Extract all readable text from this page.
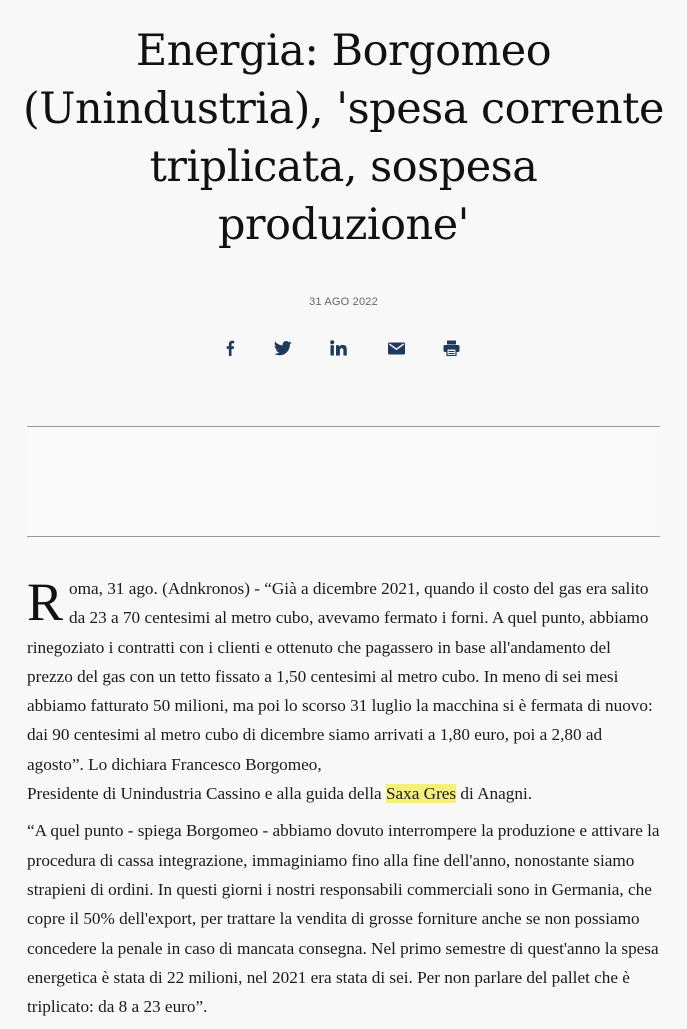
Energia: Borgomeo (Unindustria), 'spesa corrente triplicata, sospesa produzione'
31 AGO 2022

Roma, 31 ago. (Adnkronos) - “Già a dicembre 2021, quando il costo del gas era salito da 23 a 70 centesimi al metro cubo, avevamo fermato i forni. A quel punto, abbiamo rinegoziato i contratti con i clienti e ottenuto che pagassero in base all'andamento del prezzo del gas con un tetto fissato a 1,50 centesimi al metro cubo. In meno di sei mesi abbiamo fatturato 50 milioni, ma poi lo scorso 31 luglio la macchina si è fermata di nuovo: dai 90 centesimi al metro cubo di dicembre siamo arrivati a 1,80 euro, poi a 2,80 ad agosto”. Lo dichiara Francesco Borgomeo,
Presidente di Unindustria Cassino e alla guida della Saxa Gres di Anagni.

“A quel punto - spiega Borgomeo - abbiamo dovuto interrompere la produzione e attivare la procedura di cassa integrazione, immaginiamo fino alla fine dell'anno, nonostante siamo strapieni di ordini. In questi giorni i nostri responsabili commerciali sono in Germania, che copre il 50% dell'export, per trattare la vendita di grosse forniture anche se non possiamo concedere la penale in caso di mancata consegna. Nel primo semestre di quest'anno la spesa energetica è stata di 22 milioni, nel 2021 era stata di sei. Per non parlare del pallet che è triplicato: da 8 a 23 euro”.
